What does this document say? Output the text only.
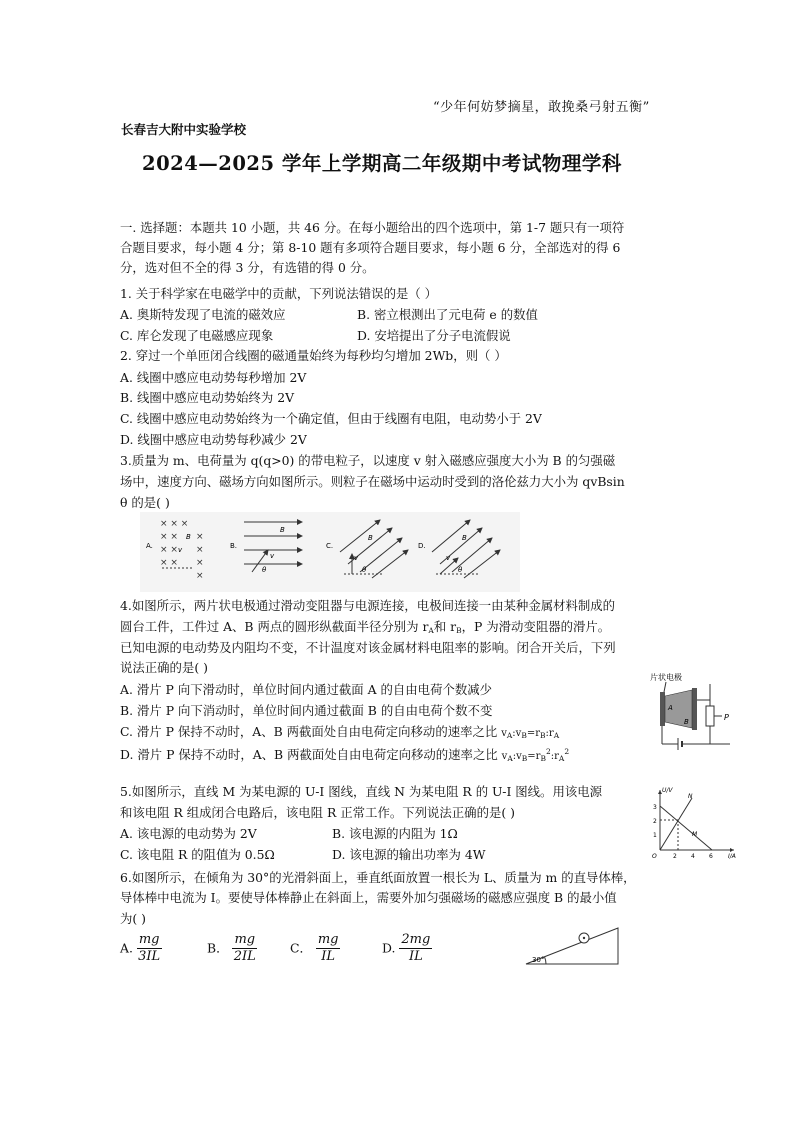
“少年何妨梦摘星，敢挽桑弓射五衡”
长春吉大附中实验学校
2024—2025 学年上学期高二年级期中考试物理学科
一. 选择题：本题共 10 小题，共 46 分。在每小题给出的四个选项中，第 1-7 题只有一项符
合题目要求，每小题 4 分；第 8-10 题有多项符合题目要求，每小题 6 分，全部选对的得 6
分，选对但不全的得 3 分，有选错的得 0 分。
1. 关于科学家在电磁学中的贡献，下列说法错误的是（ ）
A. 奥斯特发现了电流的磁效应	B. 密立根测出了元电荷 e 的数值
C. 库仑发现了电磁感应现象	D. 安培提出了分子电流假说
2. 穿过一个单匝闭合线圈的磁通量始终为每秒均匀增加 2Wb，则（ ）
A. 线圈中感应电动势每秒增加 2V
B. 线圈中感应电动势始终为 2V
C. 线圈中感应电动势始终为一个确定值，但由于线圈有电阻，电动势小于 2V
D. 线圈中感应电动势每秒减少 2V
3.质量为 m、电荷量为 q(q>0) 的带电粒子，以速度 v 射入磁感应强度大小为 B 的匀强磁
场中，速度方向、磁场方向如图所示。则粒子在磁场中运动时受到的洛伦兹力大小为 qvBsin
θ 的是( )
A.
× × ×
× × ×
× × ×
× × ×
×
B
v	B.
B
v
θ
C.
B
v
θ
D.
B
v
θ
4.如图所示，两片状电极通过滑动变阻器与电源连接，电极间连接一由某种金属材料制成的
圆台工件，工件过 A、B 两点的圆形纵截面半径分别为 $r_A$和 $r_B$，P 为滑动变阻器的滑片。
已知电源的电动势及内阻均不变，不计温度对该金属材料电阻率的影响。闭合开关后，下列
说法正确的是( )
A. 滑片 P 向下滑动时，单位时间内通过截面 A 的自由电荷个数减少
B. 滑片 P 向下消动时，单位时间内通过截面 B 的自由电荷个数不变
C. 滑片 P 保持不动时，A、B 两截面处自由电荷定向移动的速率之比 $v_A:v_B=r_B:r_A$
D. 滑片 P 保持不动时，A、B 两截面处自由电荷定向移动的速率之比 $v_A:v_B=r_B^2:r_A^2$
片状电极
A
B	P
5.如图所示，直线 M 为某电源的 U-I 图线，直线 N 为某电阻 R 的 U-I 图线。用该电源
和该电阻 R 组成闭合电路后，该电阻 R 正常工作。下列说法正确的是( )
A. 该电源的电动势为 2V	B. 该电源的内阻为 1Ω
C. 该电阻 R 的阻值为 0.5Ω	D. 该电源的输出功率为 4W
U/V
I/A
3
2
1
2 4 6
O
N
M
6.如图所示，在倾角为 30°的光滑斜面上，垂直纸面放置一根长为 L、质量为 m 的直导体棒，
导体棒中电流为 I。要使导体棒静止在斜面上，需要外加匀强磁场的磁感应强度 B 的最小值
为( )
A. $\frac{mg}{3IL}$	B． $\frac{mg}{2IL}$	C． $\frac{mg}{IL}$	D. $\frac{2mg}{IL}$	30°
